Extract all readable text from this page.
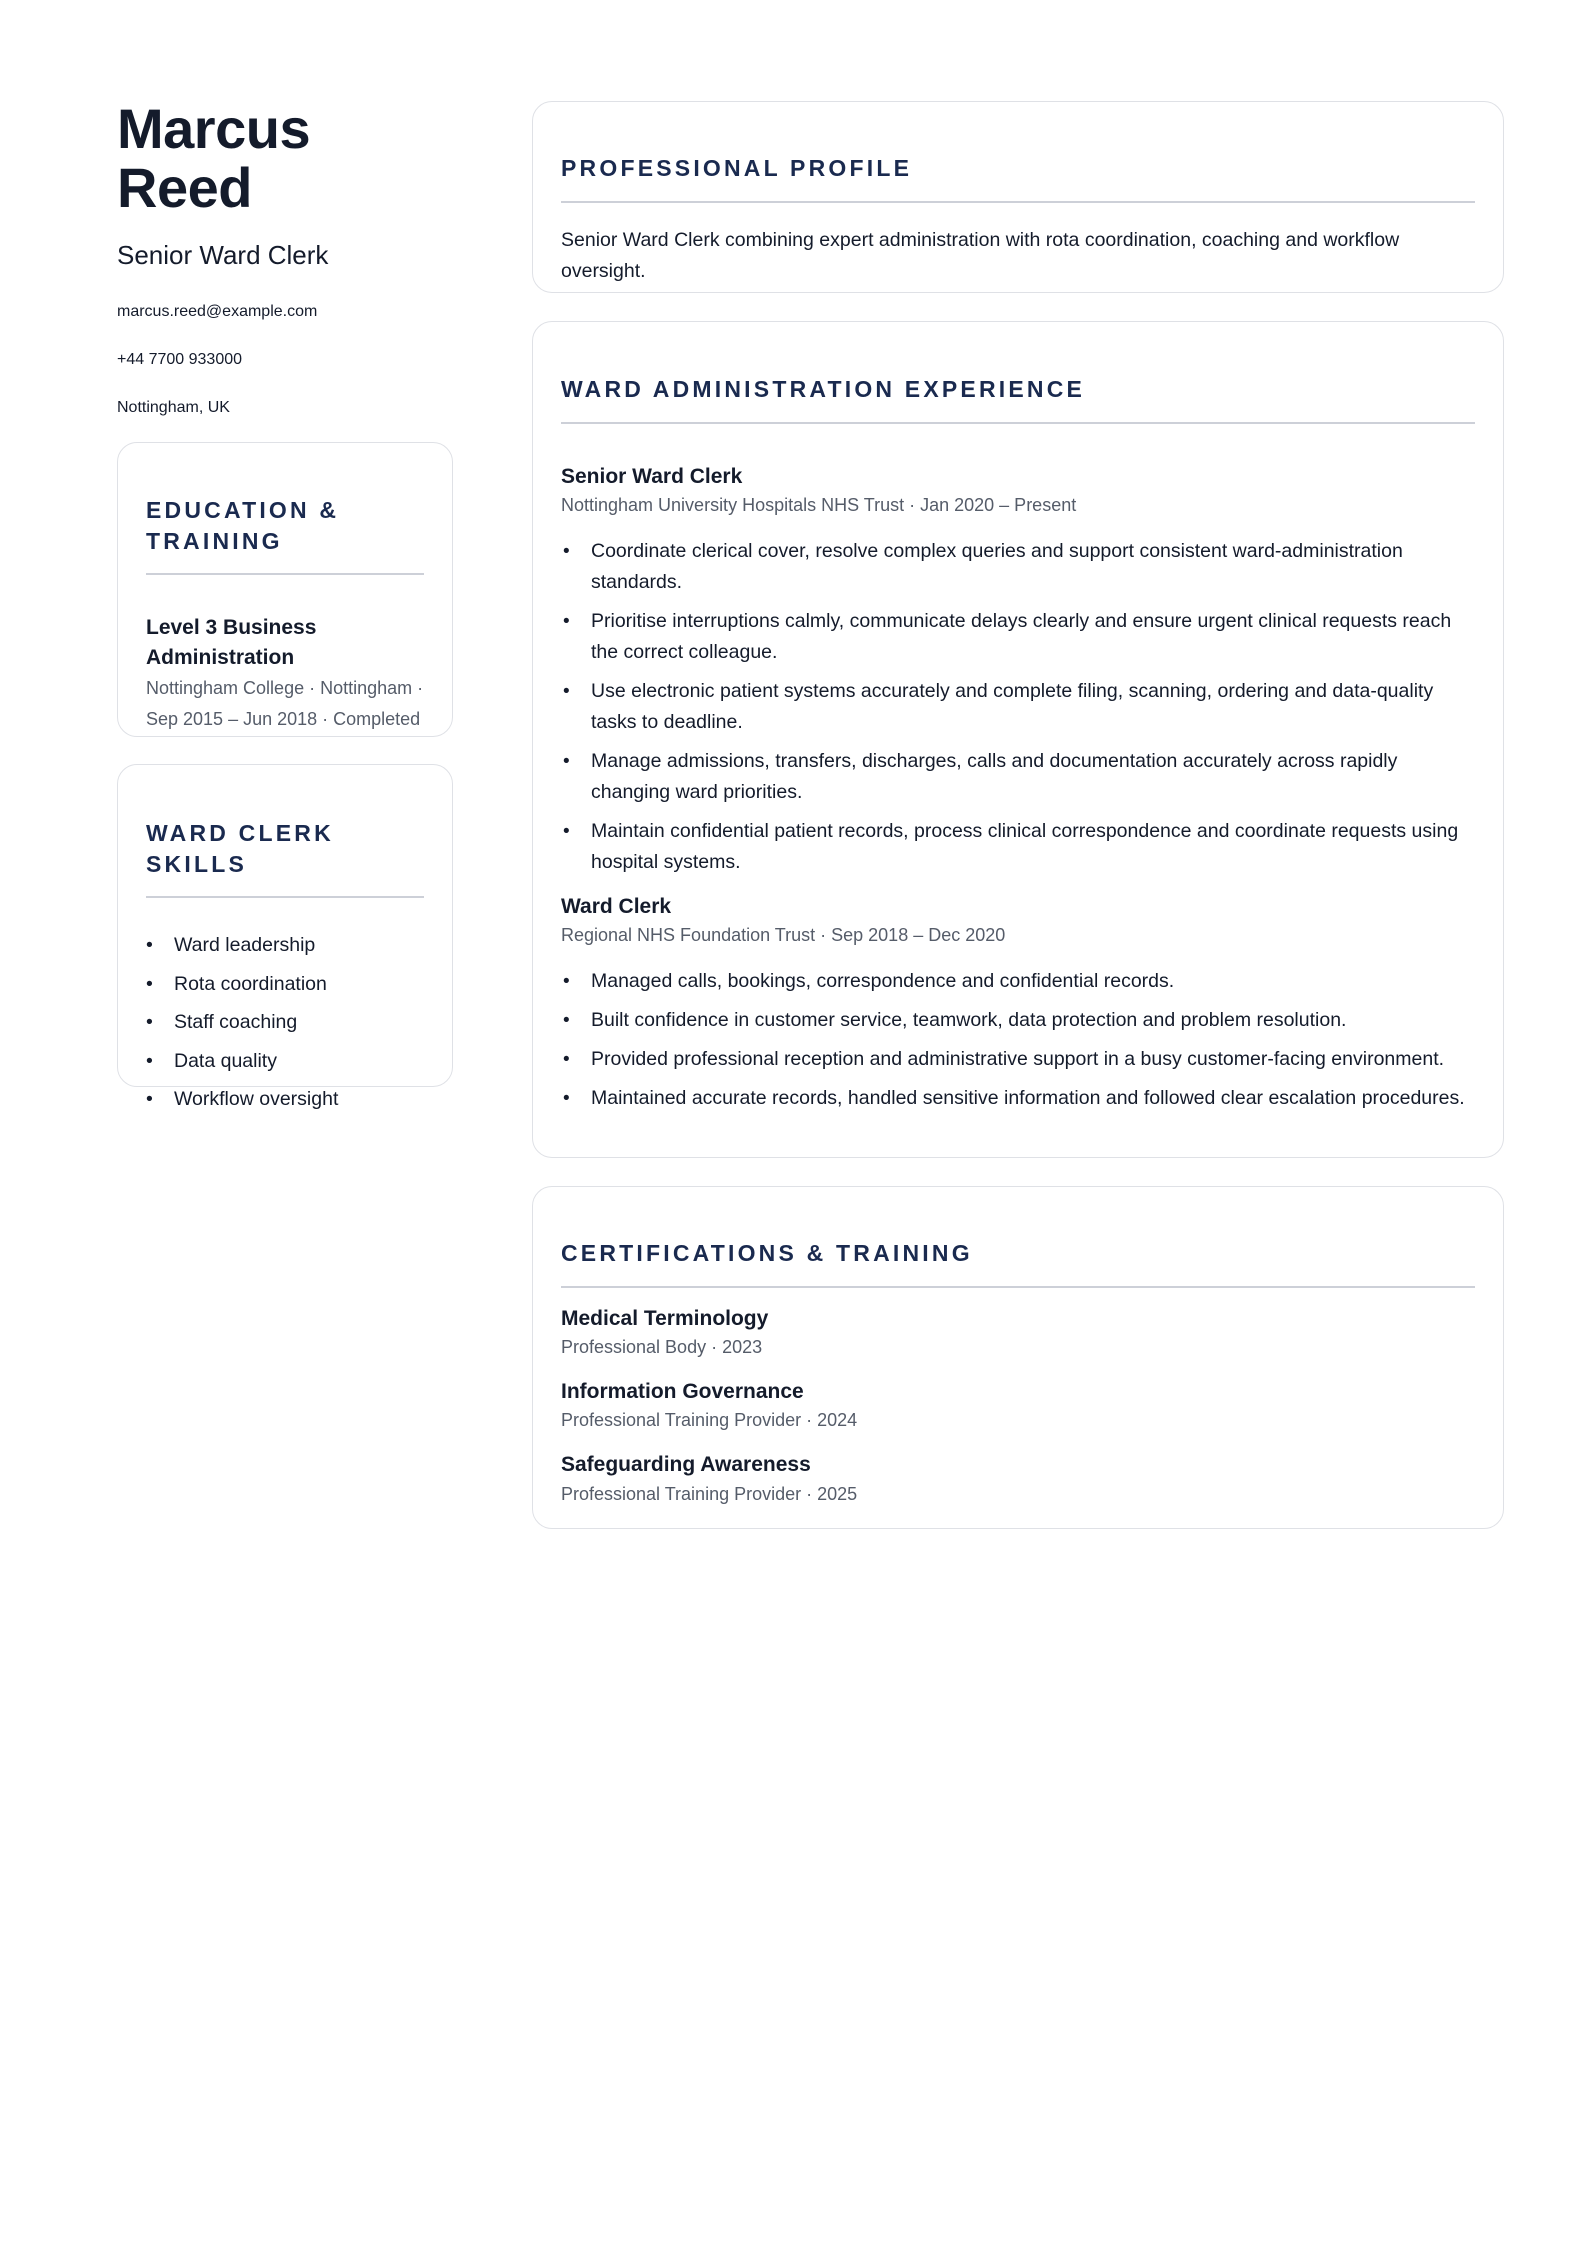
Marcus Reed
Senior Ward Clerk
marcus.reed@example.com
+44 7700 933000
Nottingham, UK
EDUCATION & TRAINING
Level 3 Business Administration
Nottingham College · Nottingham · Sep 2015 – Jun 2018 · Completed
WARD CLERK SKILLS
• Ward leadership
• Rota coordination
• Staff coaching
• Data quality
• Workflow oversight
PROFESSIONAL PROFILE
Senior Ward Clerk combining expert administration with rota coordination, coaching and workflow oversight.
WARD ADMINISTRATION EXPERIENCE
Senior Ward Clerk
Nottingham University Hospitals NHS Trust · Jan 2020 – Present
• Coordinate clerical cover, resolve complex queries and support consistent ward-administration standards.
• Prioritise interruptions calmly, communicate delays clearly and ensure urgent clinical requests reach the correct colleague.
• Use electronic patient systems accurately and complete filing, scanning, ordering and data-quality tasks to deadline.
• Manage admissions, transfers, discharges, calls and documentation accurately across rapidly changing ward priorities.
• Maintain confidential patient records, process clinical correspondence and coordinate requests using hospital systems.
Ward Clerk
Regional NHS Foundation Trust · Sep 2018 – Dec 2020
• Managed calls, bookings, correspondence and confidential records.
• Built confidence in customer service, teamwork, data protection and problem resolution.
• Provided professional reception and administrative support in a busy customer-facing environment.
• Maintained accurate records, handled sensitive information and followed clear escalation procedures.
CERTIFICATIONS & TRAINING
Medical Terminology
Professional Body · 2023
Information Governance
Professional Training Provider · 2024
Safeguarding Awareness
Professional Training Provider · 2025
